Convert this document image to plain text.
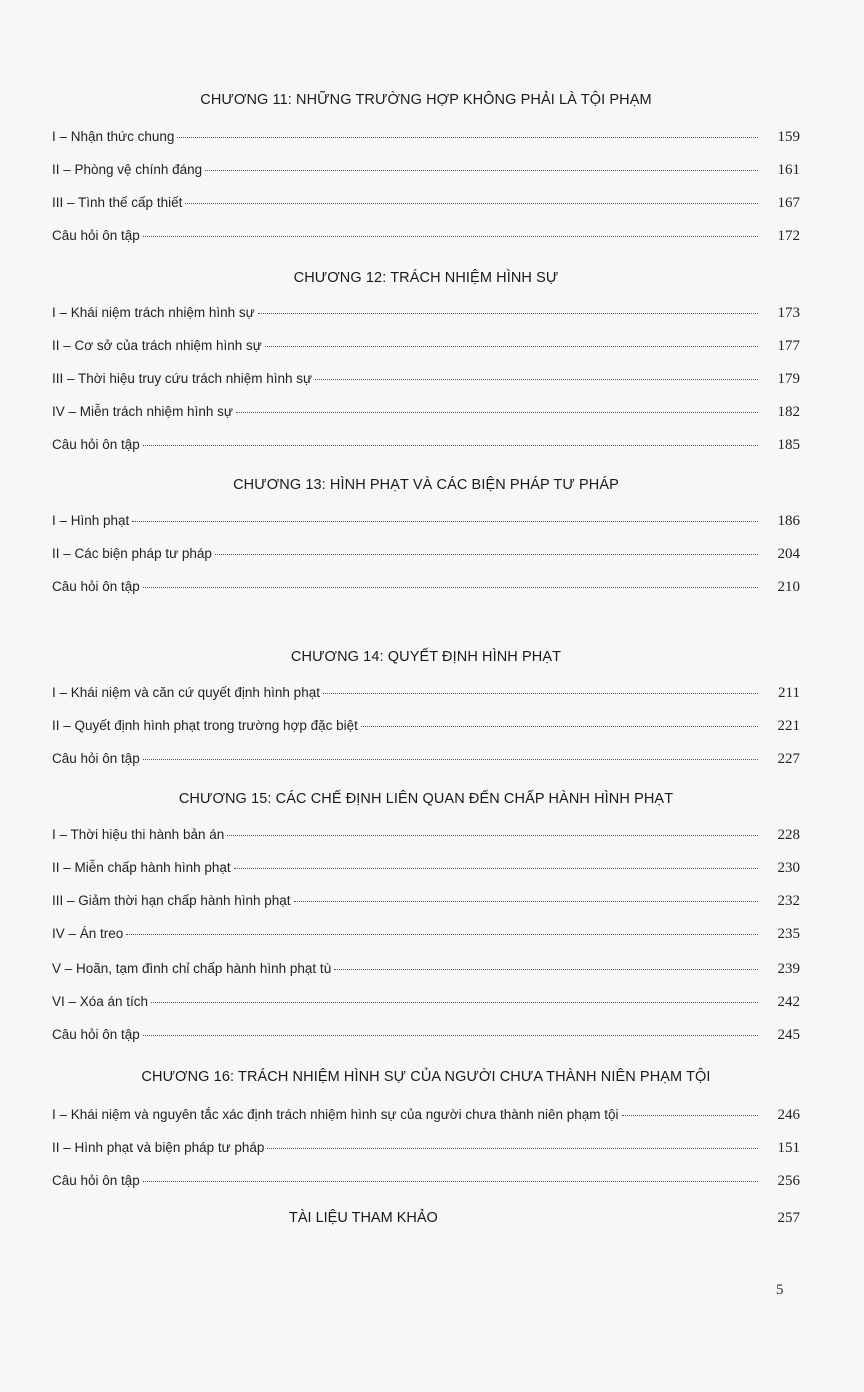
CHƯƠNG 11: NHỮNG TRƯỜNG HỢP KHÔNG PHẢI LÀ TỘI PHẠM
I – Nhận thức chung	159
II – Phòng vệ chính đáng	161
III – Tình thế cấp thiết	167
Câu hỏi ôn tập	172
CHƯƠNG 12: TRÁCH NHIỆM HÌNH SỰ
I – Khái niệm trách nhiệm hình sự	173
II – Cơ sở của trách nhiệm hình sự	177
III – Thời hiệu truy cứu trách nhiệm hình sự	179
IV – Miễn trách nhiệm hình sự	182
Câu hỏi ôn tập	185
CHƯƠNG 13: HÌNH PHẠT VÀ CÁC BIỆN PHÁP TƯ PHÁP
I – Hình phạt	186
II – Các biện pháp tư pháp	204
Câu hỏi ôn tập	210
CHƯƠNG 14: QUYẾT ĐỊNH HÌNH PHẠT
I – Khái niệm và căn cứ quyết định hình phạt	211
II – Quyết định hình phạt trong trường hợp đặc biệt	221
Câu hỏi ôn tập	227
CHƯƠNG 15: CÁC CHẾ ĐỊNH LIÊN QUAN ĐẾN CHẤP HÀNH HÌNH PHẠT
I – Thời hiệu thi hành bản án	228
II – Miễn chấp hành hình phạt	230
III – Giảm thời hạn chấp hành hình phạt	232
IV – Án treo	235
V – Hoãn, tạm đình chỉ chấp hành hình phạt tù	239
VI – Xóa án tích	242
Câu hỏi ôn tập	245
CHƯƠNG 16: TRÁCH NHIỆM HÌNH SỰ CỦA NGƯỜI CHƯA THÀNH NIÊN PHẠM TỘI
I – Khái niệm và nguyên tắc xác định trách nhiệm hình sự của người chưa thành niên phạm tội	246
II – Hình phạt và biện pháp tư pháp	151
Câu hỏi ôn tập	256
TÀI LIỆU THAM KHẢO	257
5
